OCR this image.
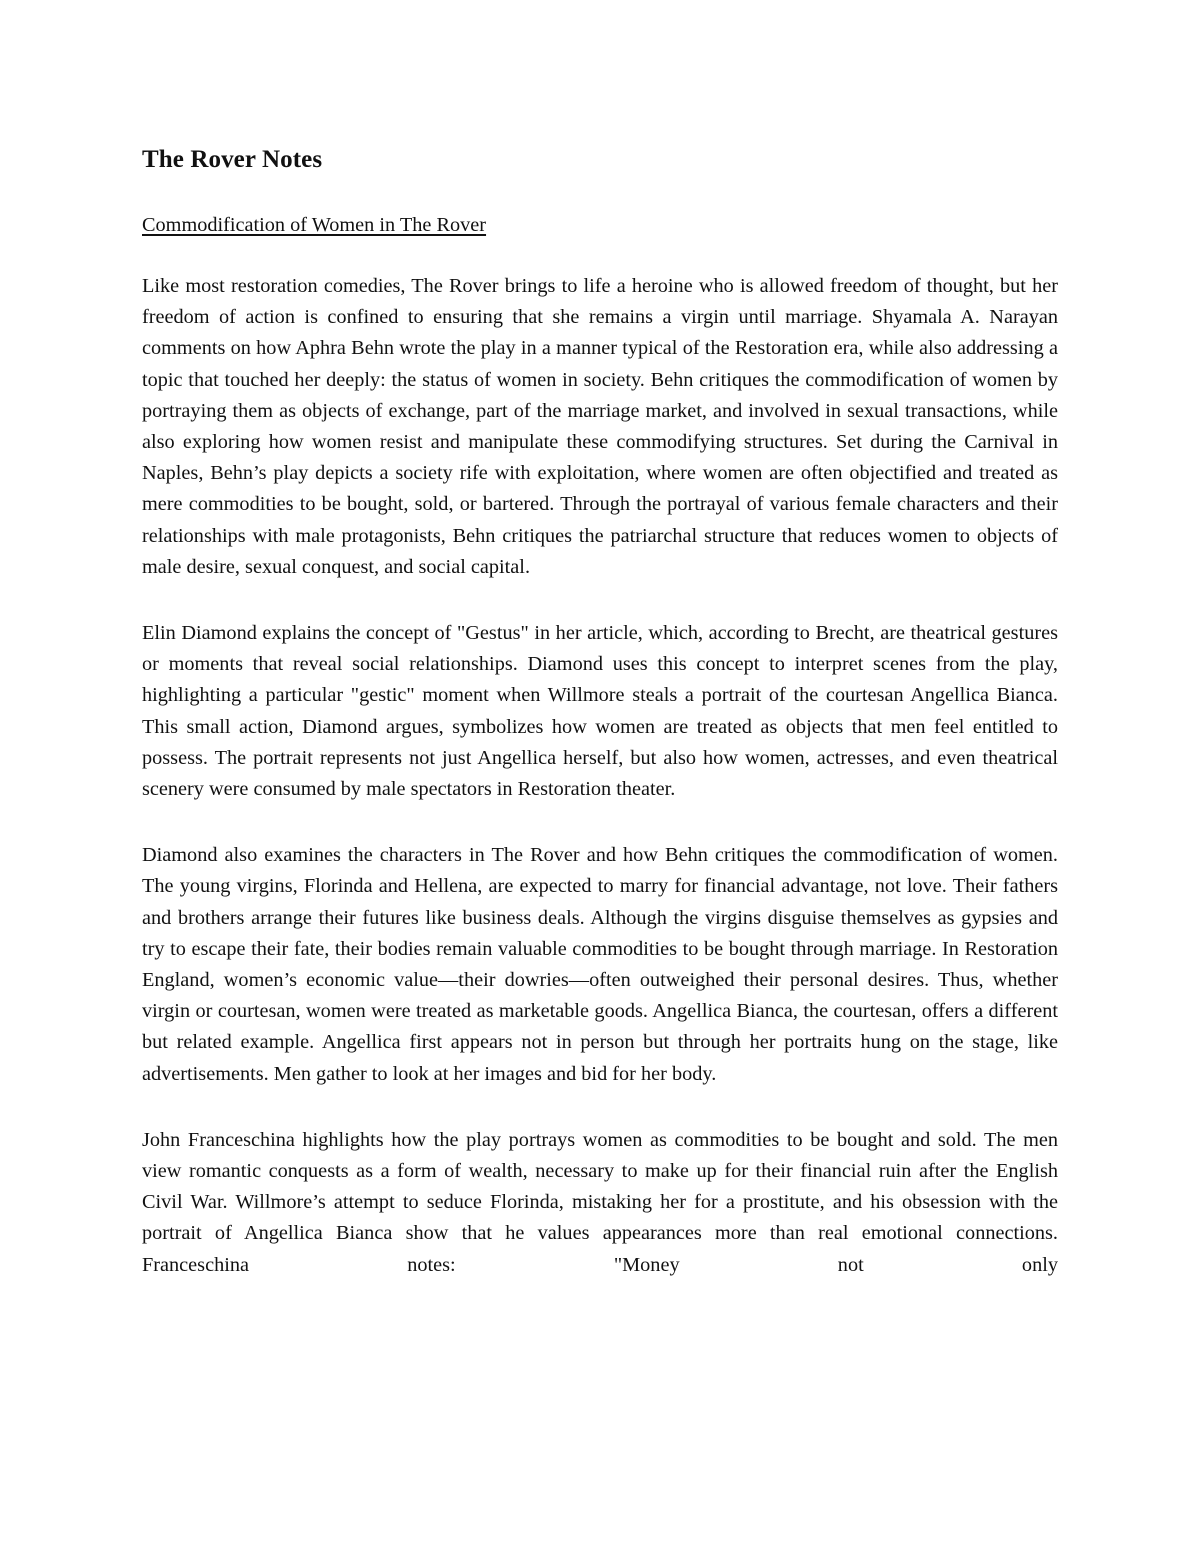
The Rover Notes

Commodification of Women in The Rover

Like most restoration comedies, The Rover brings to life a heroine who is allowed freedom of thought, but her freedom of action is confined to ensuring that she remains a virgin until marriage. Shyamala A. Narayan comments on how Aphra Behn wrote the play in a manner typical of the Restoration era, while also addressing a topic that touched her deeply: the status of women in society. Behn critiques the commodification of women by portraying them as objects of exchange, part of the marriage market, and involved in sexual transactions, while also exploring how women resist and manipulate these commodifying structures. Set during the Carnival in Naples, Behn’s play depicts a society rife with exploitation, where women are often objectified and treated as mere commodities to be bought, sold, or bartered. Through the portrayal of various female characters and their relationships with male protagonists, Behn critiques the patriarchal structure that reduces women to objects of male desire, sexual conquest, and social capital.

Elin Diamond explains the concept of "Gestus" in her article, which, according to Brecht, are theatrical gestures or moments that reveal social relationships. Diamond uses this concept to interpret scenes from the play, highlighting a particular "gestic" moment when Willmore steals a portrait of the courtesan Angellica Bianca. This small action, Diamond argues, symbolizes how women are treated as objects that men feel entitled to possess. The portrait represents not just Angellica herself, but also how women, actresses, and even theatrical scenery were consumed by male spectators in Restoration theater.

Diamond also examines the characters in The Rover and how Behn critiques the commodification of women. The young virgins, Florinda and Hellena, are expected to marry for financial advantage, not love. Their fathers and brothers arrange their futures like business deals. Although the virgins disguise themselves as gypsies and try to escape their fate, their bodies remain valuable commodities to be bought through marriage. In Restoration England, women’s economic value—their dowries—often outweighed their personal desires. Thus, whether virgin or courtesan, women were treated as marketable goods. Angellica Bianca, the courtesan, offers a different but related example. Angellica first appears not in person but through her portraits hung on the stage, like advertisements. Men gather to look at her images and bid for her body.

John Franceschina highlights how the play portrays women as commodities to be bought and sold. The men view romantic conquests as a form of wealth, necessary to make up for their financial ruin after the English Civil War. Willmore’s attempt to seduce Florinda, mistaking her for a prostitute, and his obsession with the portrait of Angellica Bianca show that he values appearances more than real emotional connections. Franceschina notes: "Money not only
